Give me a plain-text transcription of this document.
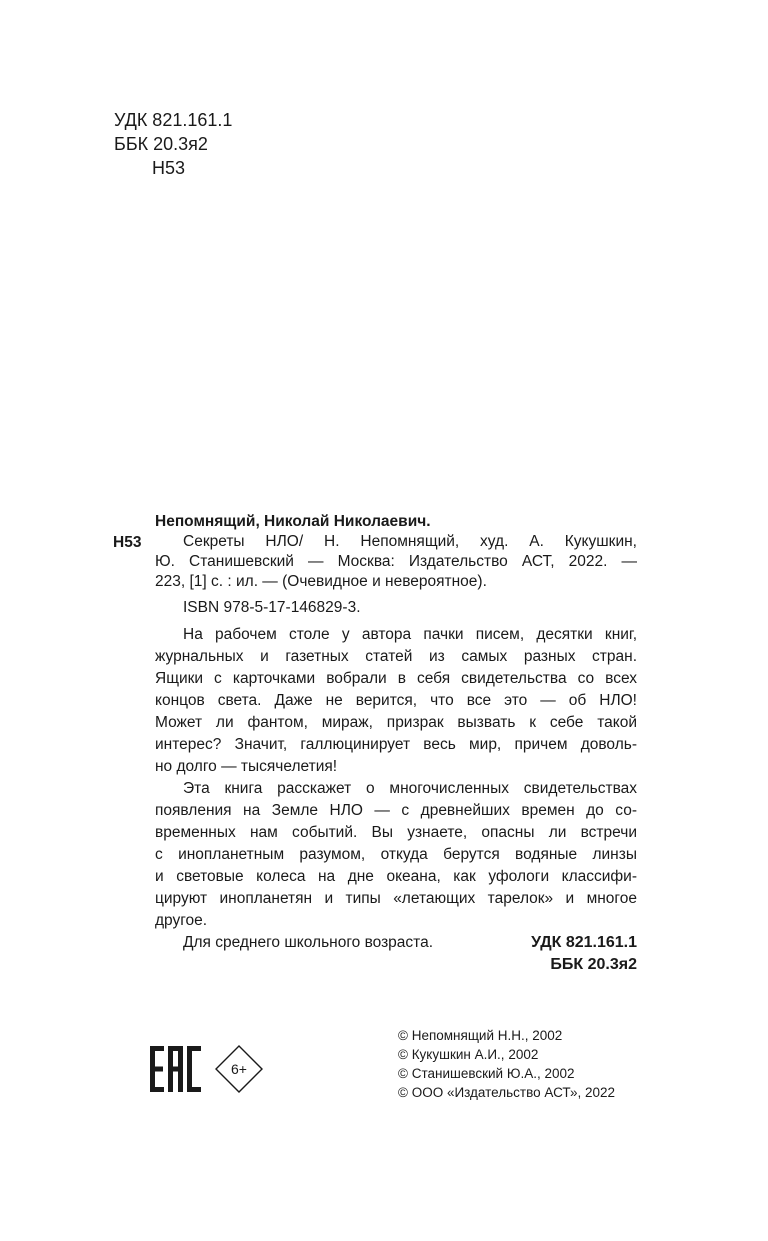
УДК 821.161.1
ББК 20.3я2
Н53
Непомнящий, Николай Николаевич.
Н53	Секреты НЛО/ Н. Непомнящий, худ. А. Кукушкин,
Ю. Станишевский — Москва: Издательство АСТ, 2022. —
223, [1] с. : ил. — (Очевидное и невероятное).
ISBN 978-5-17-146829-3.
На рабочем столе у автора пачки писем, десятки книг,
журнальных и газетных статей из самых разных стран.
Ящики с карточками вобрали в себя свидетельства со всех
концов света. Даже не верится, что все это — об НЛО!
Может ли фантом, мираж, призрак вызвать к себе такой
интерес? Значит, галлюцинирует весь мир, причем доволь-
но долго — тысячелетия!
Эта книга расскажет о многочисленных свидетельствах
появления на Земле НЛО — с древнейших времен до со-
временных нам событий. Вы узнаете, опасны ли встречи
с инопланетным разумом, откуда берутся водяные линзы
и световые колеса на дне океана, как уфологи классифи-
цируют инопланетян и типы «летающих тарелок» и многое
другое.
Для среднего школьного возраста.	УДК 821.161.1
ББК 20.3я2
6+
© Непомнящий Н.Н., 2002
© Кукушкин А.И., 2002
© Станишевский Ю.А., 2002
© ООО «Издательство АСТ», 2022
